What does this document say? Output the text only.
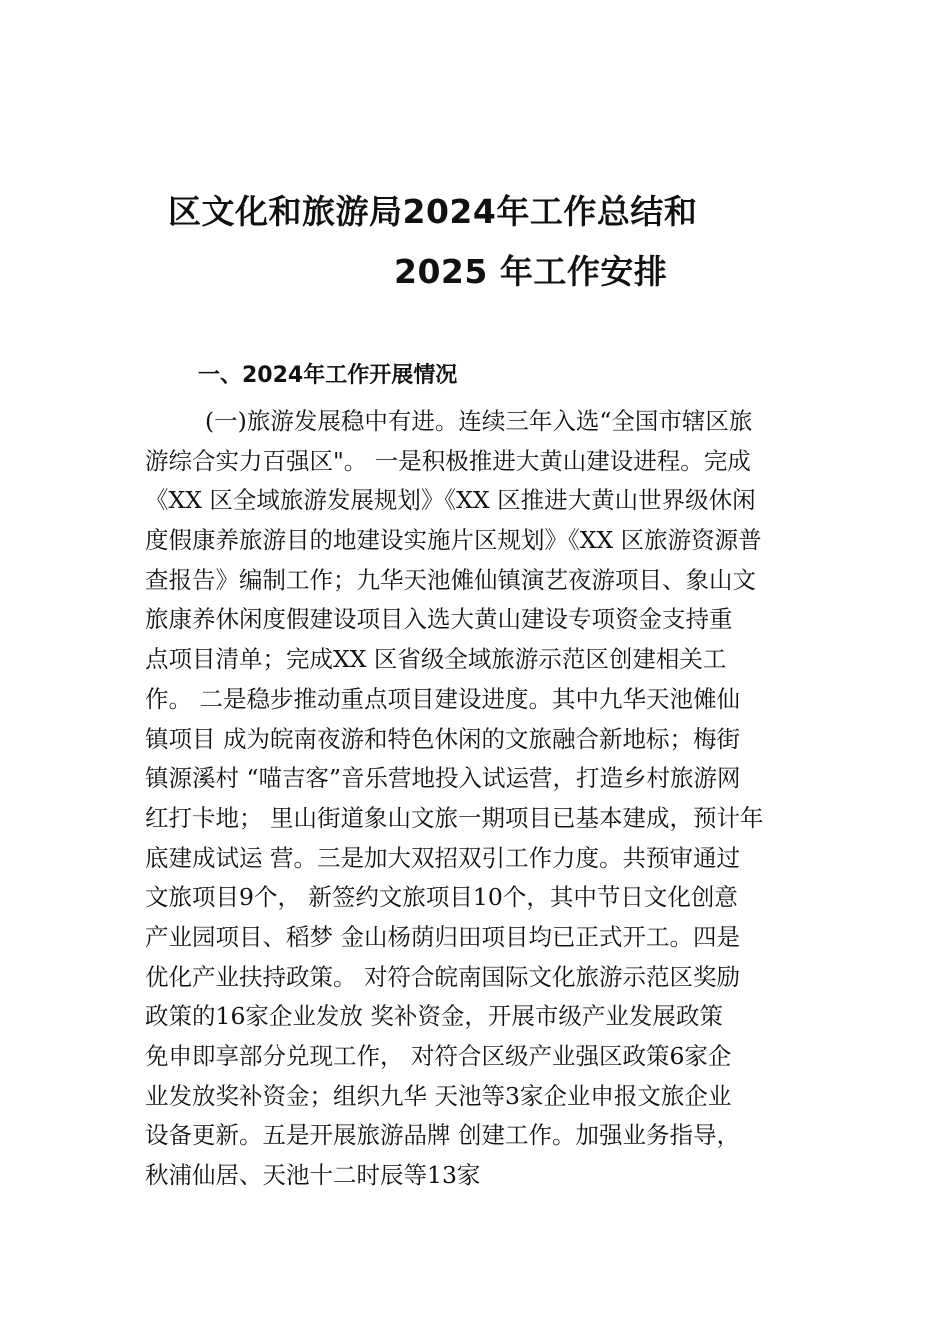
区文化和旅游局2024年工作总结和
2025 年工作安排
一、2024年工作开展情况
(一)旅游发展稳中有进。连续三年入选“全国市辖区旅
游综合实力百强区"。 一是积极推进大黄山建设进程。完成
《XX 区全域旅游发展规划》《XX 区推进大黄山世界级休闲
度假康养旅游目的地建设实施片区规划》《XX 区旅游资源普
查报告》编制工作；九华天池傩仙镇演艺夜游项目、象山文
旅康养休闲度假建设项目入选大黄山建设专项资金支持重
点项目清单；完成XX 区省级全域旅游示范区创建相关工
作。 二是稳步推动重点项目建设进度。其中九华天池傩仙
镇项目 成为皖南夜游和特色休闲的文旅融合新地标；梅街
镇源溪村 “喵吉客”音乐营地投入试运营，打造乡村旅游网
红打卡地； 里山街道象山文旅一期项目已基本建成，预计年
底建成试运 营。三是加大双招双引工作力度。共预审通过
文旅项目9个， 新签约文旅项目10个，其中节日文化创意
产业园项目、稻梦 金山杨荫归田项目均已正式开工。四是
优化产业扶持政策。 对符合皖南国际文化旅游示范区奖励
政策的16家企业发放 奖补资金，开展市级产业发展政策
免申即享部分兑现工作， 对符合区级产业强区政策6家企
业发放奖补资金；组织九华 天池等3家企业申报文旅企业
设备更新。五是开展旅游品牌 创建工作。加强业务指导，
秋浦仙居、天池十二时辰等13家
